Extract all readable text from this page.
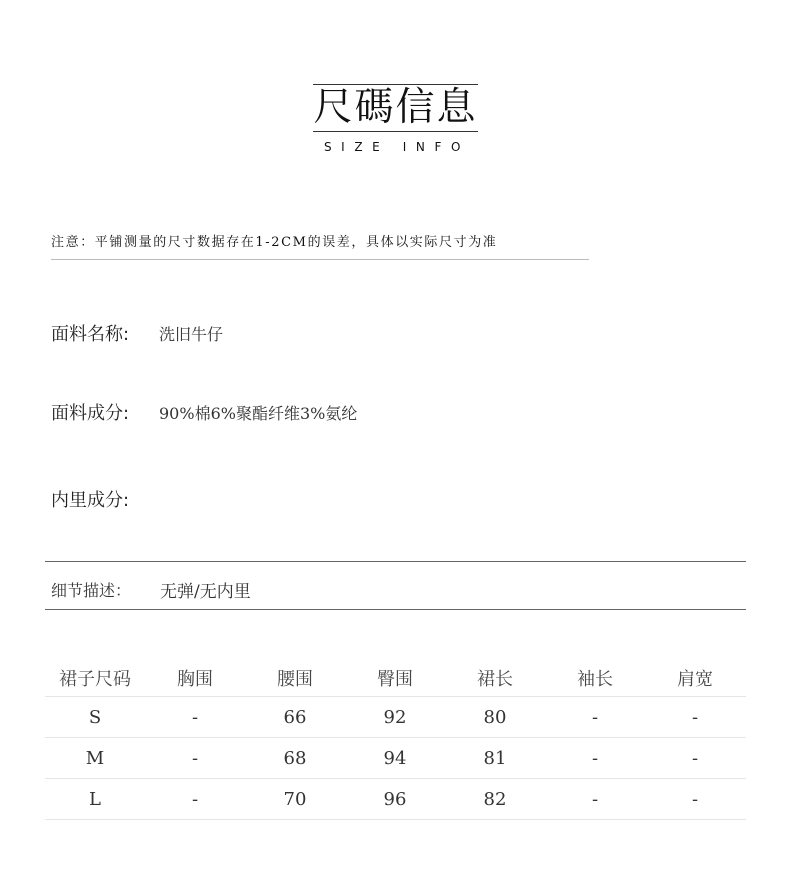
尺碼信息
SIZE INFO
注意：平铺测量的尺寸数据存在1-2CM的误差，具体以实际尺寸为准
面料名称: 洗旧牛仔
面料成分: 90%棉6%聚酯纤维3%氨纶
内里成分:
细节描述： 无弹/无内里
裙子尺码	胸围	腰围	臀围	裙长	袖长	肩宽
S	-	66	92	80	-	-
M	-	68	94	81	-	-
L	-	70	96	82	-	-
